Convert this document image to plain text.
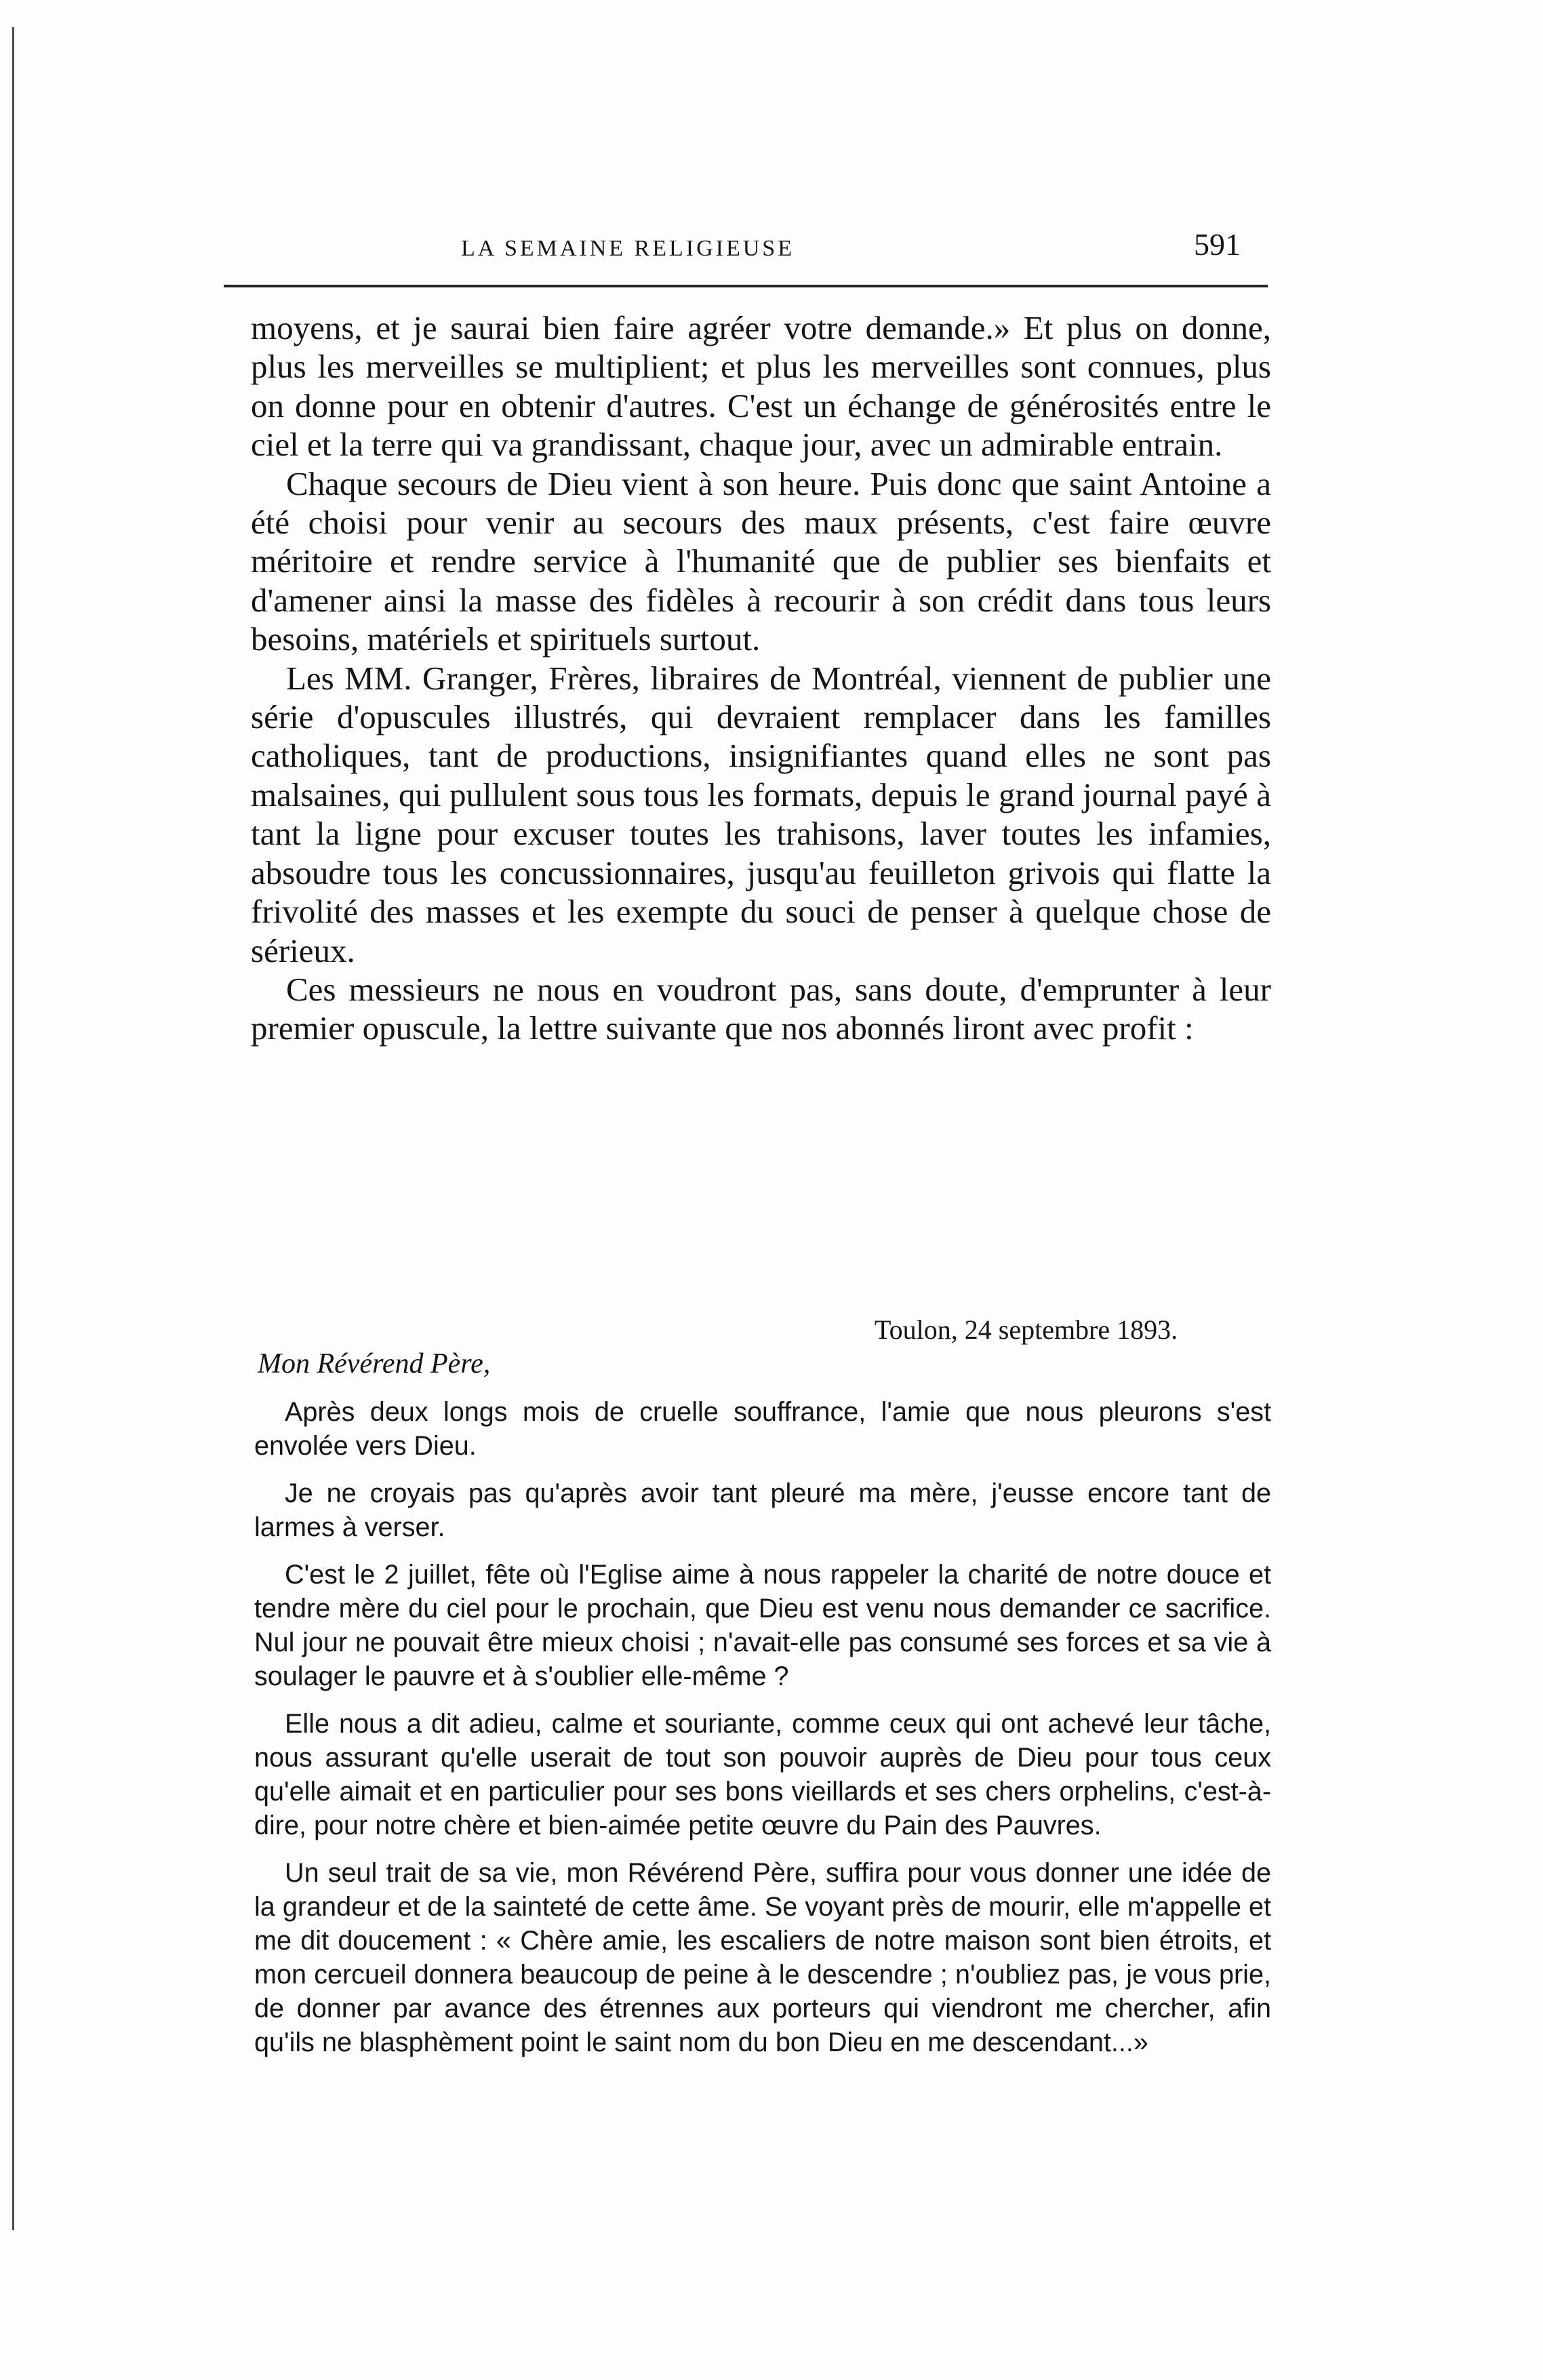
LA SEMAINE RELIGIEUSE	591

moyens, et je saurai bien faire agréer votre demande.» Et plus on donne, plus les merveilles se multiplient; et plus les merveilles sont connues, plus on donne pour en obtenir d'autres. C'est un échange de générosités entre le ciel et la terre qui va grandissant, chaque jour, avec un admirable entrain.

Chaque secours de Dieu vient à son heure. Puis donc que saint Antoine a été choisi pour venir au secours des maux présents, c'est faire œuvre méritoire et rendre service à l'humanité que de publier ses bienfaits et d'amener ainsi la masse des fidèles à recourir à son crédit dans tous leurs besoins, matériels et spirituels surtout.

Les MM. Granger, Frères, libraires de Montréal, viennent de publier une série d'opuscules illustrés, qui devraient remplacer dans les familles catholiques, tant de productions, insignifiantes quand elles ne sont pas malsaines, qui pullulent sous tous les formats, depuis le grand journal payé à tant la ligne pour excuser toutes les trahisons, laver toutes les infamies, absoudre tous les concussionnaires, jusqu'au feuilleton grivois qui flatte la frivolité des masses et les exempte du souci de penser à quelque chose de sérieux.

Ces messieurs ne nous en voudront pas, sans doute, d'emprunter à leur premier opuscule, la lettre suivante que nos abonnés liront avec profit :

Toulon, 24 septembre 1893.
Mon Révérend Père,

Après deux longs mois de cruelle souffrance, l'amie que nous pleurons s'est envolée vers Dieu.

Je ne croyais pas qu'après avoir tant pleuré ma mère, j'eusse encore tant de larmes à verser.

C'est le 2 juillet, fête où l'Eglise aime à nous rappeler la charité de notre douce et tendre mère du ciel pour le prochain, que Dieu est venu nous demander ce sacrifice. Nul jour ne pouvait être mieux choisi ; n'avait-elle pas consumé ses forces et sa vie à soulager le pauvre et à s'oublier elle-même ?

Elle nous a dit adieu, calme et souriante, comme ceux qui ont achevé leur tâche, nous assurant qu'elle userait de tout son pouvoir auprès de Dieu pour tous ceux qu'elle aimait et en particulier pour ses bons vieillards et ses chers orphelins, c'est-à-dire, pour notre chère et bien-aimée petite œuvre du Pain des Pauvres.

Un seul trait de sa vie, mon Révérend Père, suffira pour vous donner une idée de la grandeur et de la sainteté de cette âme. Se voyant près de mourir, elle m'appelle et me dit doucement : « Chère amie, les escaliers de notre maison sont bien étroits, et mon cercueil donnera beaucoup de peine à le descendre ; n'oubliez pas, je vous prie, de donner par avance des étrennes aux porteurs qui viendront me chercher, afin qu'ils ne blasphèment point le saint nom du bon Dieu en me descendant...»
